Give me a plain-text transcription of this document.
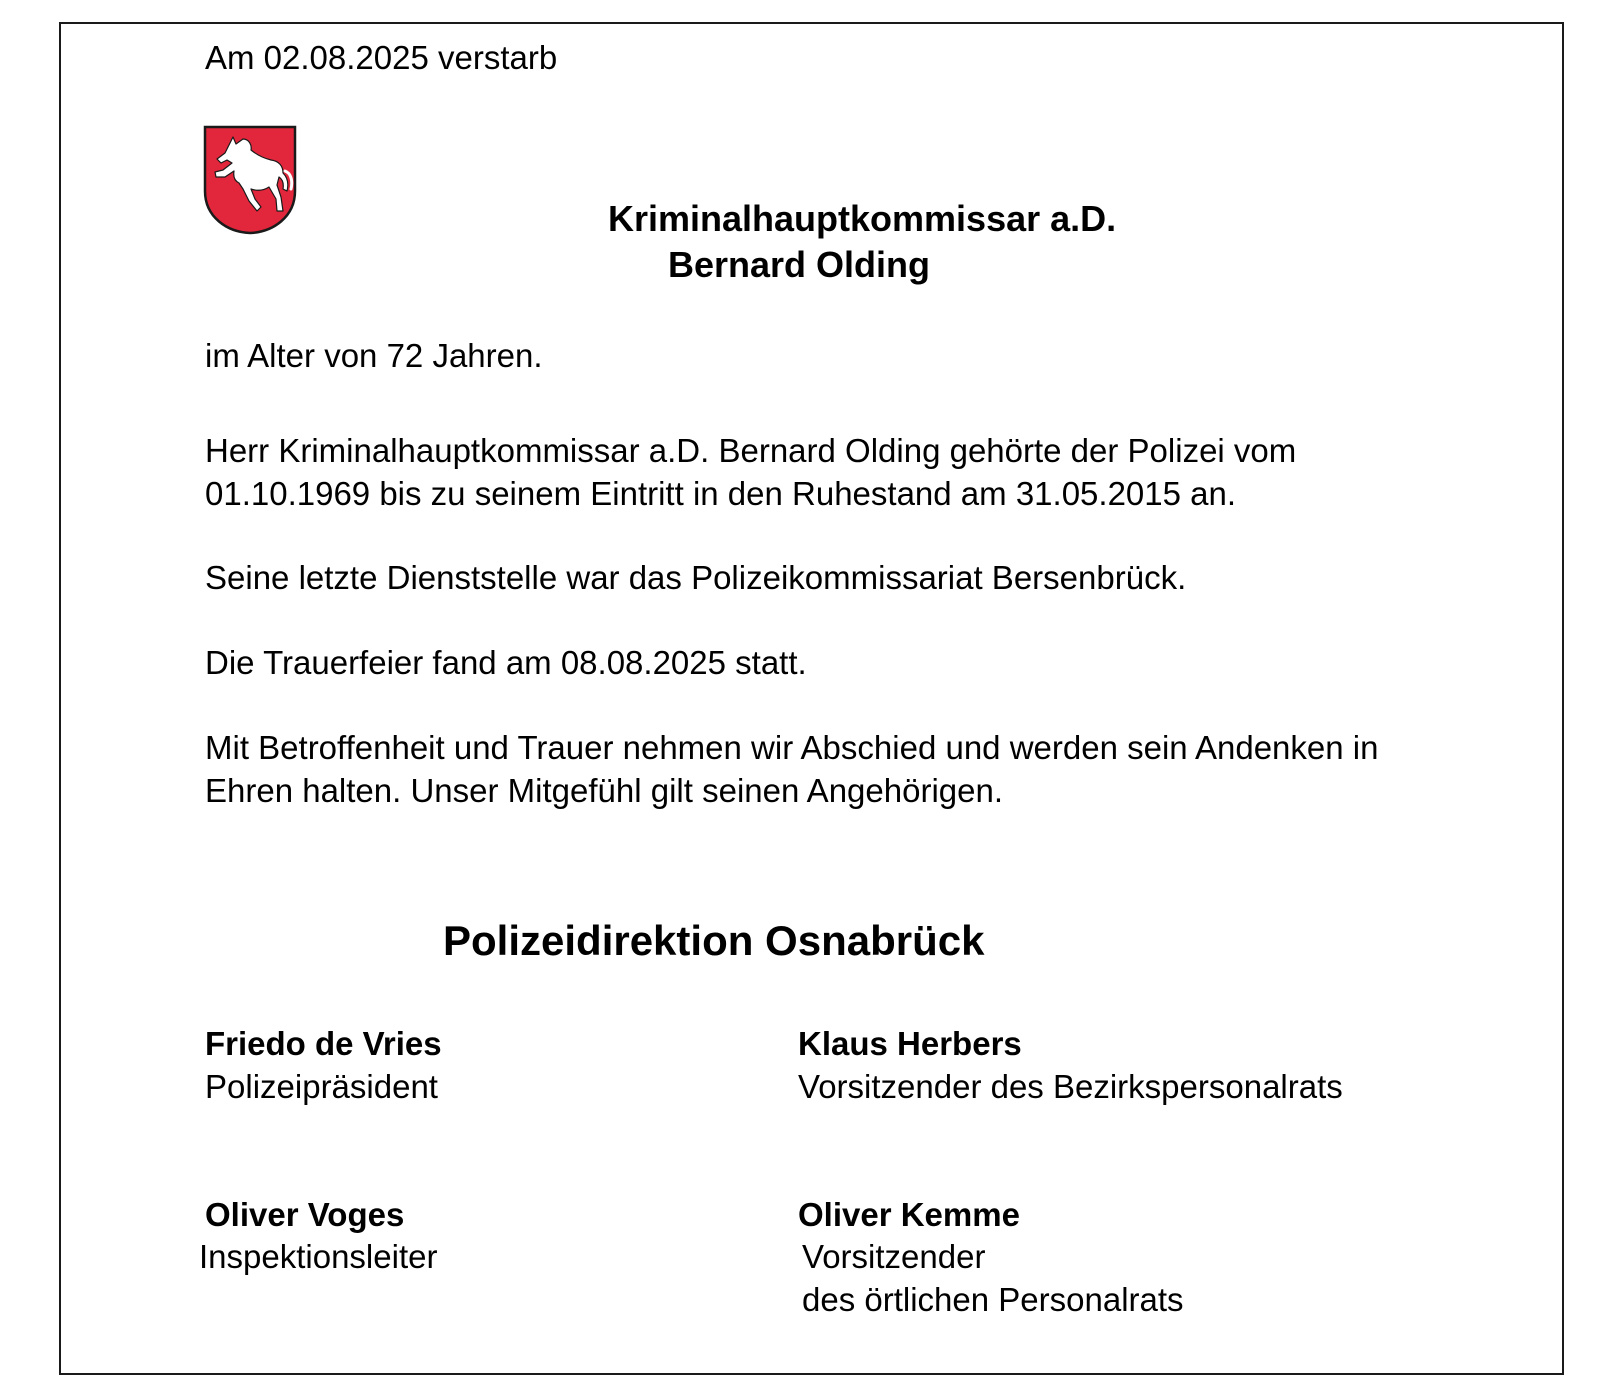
Am 02.08.2025 verstarb
Kriminalhauptkommissar a.D.
Bernard Olding
im Alter von 72 Jahren.
Herr Kriminalhauptkommissar a.D. Bernard Olding gehörte der Polizei vom
01.10.1969 bis zu seinem Eintritt in den Ruhestand am 31.05.2015 an.
Seine letzte Dienststelle war das Polizeikommissariat Bersenbrück.
Die Trauerfeier fand am 08.08.2025 statt.
Mit Betroffenheit und Trauer nehmen wir Abschied und werden sein Andenken in
Ehren halten. Unser Mitgefühl gilt seinen Angehörigen.
Polizeidirektion Osnabrück
Friedo de Vries
Polizeipräsident
Klaus Herbers
Vorsitzender des Bezirkspersonalrats
Oliver Voges
Inspektionsleiter
Oliver Kemme
Vorsitzender
des örtlichen Personalrats
